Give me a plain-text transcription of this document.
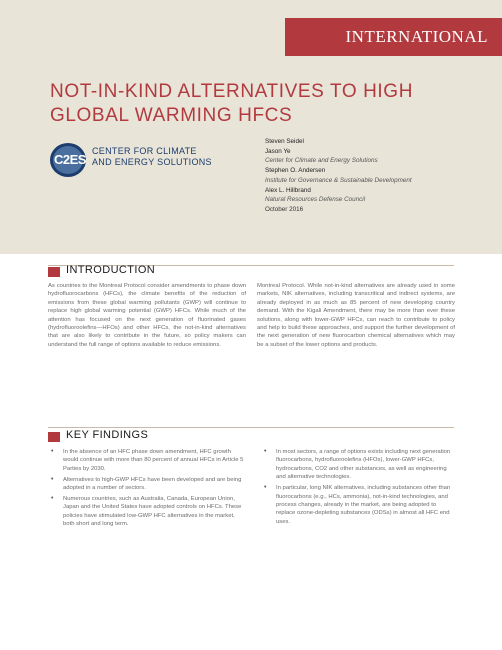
INTERNATIONAL
NOT-IN-KIND ALTERNATIVES TO HIGH GLOBAL WARMING HFCS
C2ES
CENTER FOR CLIMATE
AND ENERGY SOLUTIONS
Steven Seidel
Jason Ye
Center for Climate and Energy Solutions
Stephen O. Andersen
Institute for Governance & Sustainable Development
Alex L. Hillbrand
Natural Resources Defense Council
October 2016
INTRODUCTION

As countries to the Montreal Protocol consider amendments to phase down hydrofluorocarbons (HFCs), the climate benefits of the reduction of emissions from these global warming pollutants (GWP) will continue to replace high global warming potential (GWP) HFCs. While much of the attention has focused on the next generation of fluorinated gases (hydrofluoroolefins—HFOs) and other HFCs, the not-in-kind alternatives that are also likely to contribute in the future, so policy makers can understand the full range of options available to reduce emissions.

Montreal Protocol. While not-in-kind alternatives are already used in some markets, NIK alternatives, including transcritical and indirect systems, are already deployed in as much as 85 percent of new developing country demand. With the Kigali Amendment, there may be more than ever these solutions, along with lower-GWP HFCs, can reach to contribute to policy and help to build these approaches, and support the further development of the next generation of new fluorocarbon chemical alternatives which may be a subset of the lower options and products.

KEY FINDINGS
• In the absence of an HFC phase down amendment, HFC growth would continue with more than 80 percent of annual HFCs in Article 5 Parties by 2030.
• Alternatives to high-GWP HFCs have been developed and are being adopted in a number of sectors.
• Numerous countries, such as Australia, Canada, European Union, Japan and the United States have adopted controls on HFCs. These policies have stimulated low-GWP HFC alternatives in the market, both short and long term.
• In most sectors, a range of options exists including next generation fluorocarbons, hydrofluoroolefins (HFOs), lower-GWP HFCs, hydrocarbons, CO2 and other substances, as well as engineering and alternative technologies.
• In particular, long NIK alternatives, including substances other than fluorocarbons (e.g., HCs, ammonia), not-in-kind technologies, and process changes, already in the market, are being adopted to replace ozone-depleting substances (ODSs) in almost all HFC end uses.
